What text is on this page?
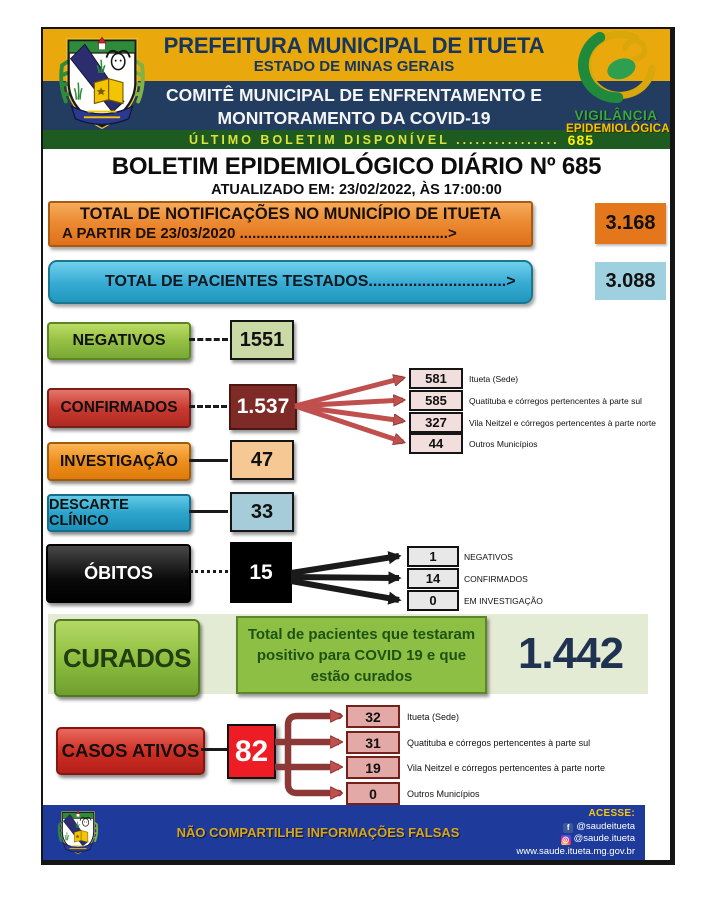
ÚLTIMO BOLETIM DISPONÍVEL ................ 685
PREFEITURA MUNICIPAL DE ITUETA
ESTADO DE MINAS GERAIS
COMITÊ MUNICIPAL DE ENFRENTAMENTO E
MONITORAMENTO DA COVID-19	VIGILÂNCIA
EPIDEMIOLÓGICA
BOLETIM EPIDEMIOLÓGICO DIÁRIO Nº 685
ATUALIZADO EM: 23/02/2022, ÀS 17:00:00
TOTAL DE NOTIFICAÇÕES NO MUNICÍPIO DE ITUETA
A PARTIR DE 23/03/2020 ..................................................>	3.168
TOTAL DE PACIENTES TESTADOS...............................>	3.088
NEGATIVOS	1551
CONFIRMADOS	1.537
581	Itueta (Sede)
585	Quatituba e córregos pertencentes à parte sul
327	Vila Neitzel e córregos pertencentes à parte norte
44	Outros Municípios
INVESTIGAÇÃO	47
DESCARTE CLÍNICO	33
ÓBITOS	15
1	NEGATIVOS
14	CONFIRMADOS
0	EM INVESTIGAÇÃO
CURADOS
Total de pacientes que testaram positivo para COVID 19 e que estão curados	1.442
CASOS ATIVOS 82
32	Itueta (Sede)
31	Quatituba e córregos pertencentes à parte sul
19	Vila Neitzel e córregos pertencentes à parte norte
0	Outros Municípios
NÃO COMPARTILHE INFORMAÇÕES FALSAS
ACESSE:
f @saudeitueta
◎ @saude.itueta
www.saude.itueta.mg.gov.br
